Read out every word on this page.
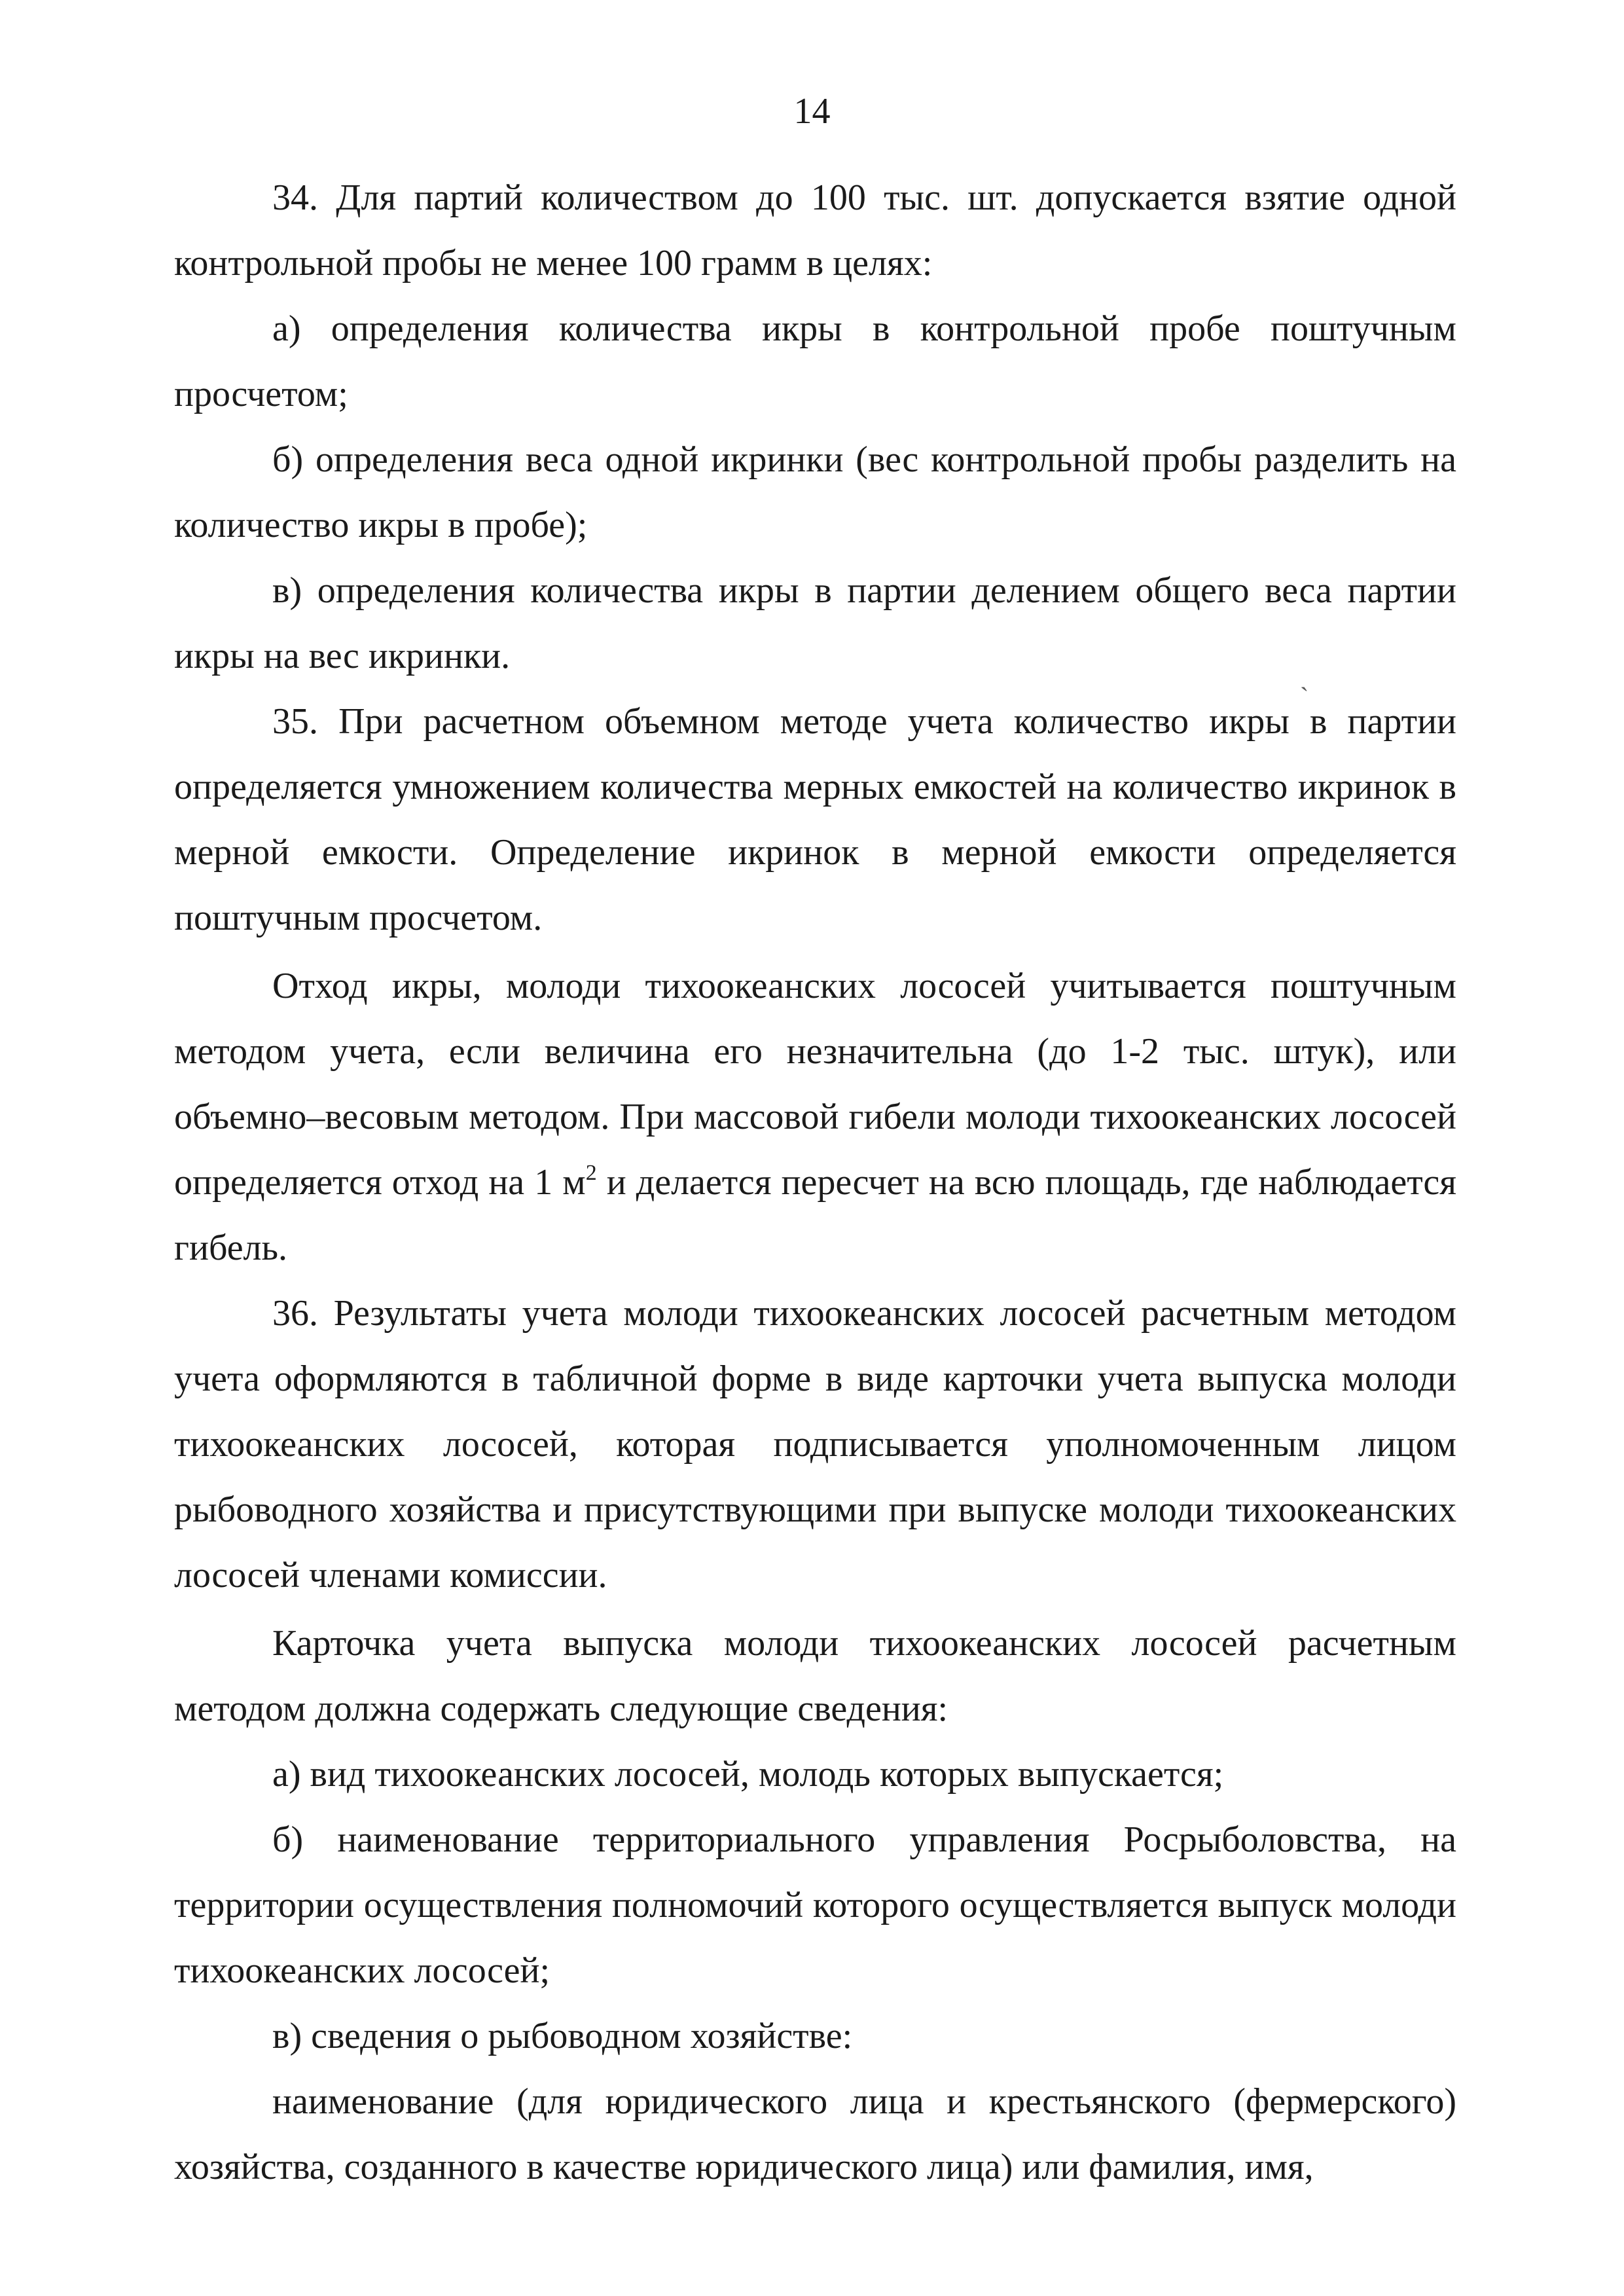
14

34. Для партий количеством до 100 тыс. шт. допускается взятие одной контрольной пробы не менее 100 грамм в целях:

а) определения количества икры в контрольной пробе поштучным просчетом;

б) определения веса одной икринки (вес контрольной пробы разделить на количество икры в пробе);

в) определения количества икры в партии делением общего веса партии икры на вес икринки.

35. При расчетном объемном методе учета количество икры в партии определяется умножением количества мерных емкостей на количество икринок в мерной емкости. Определение икринок в мерной емкости определяется поштучным просчетом.

Отход икры, молоди тихоокеанских лососей учитывается поштучным методом учета, если величина его незначительна (до 1-2 тыс. штук), или объемно–весовым методом. При массовой гибели молоди тихоокеанских лососей определяется отход на 1 $м^2$ и делается пересчет на всю площадь, где наблюдается гибель.

36. Результаты учета молоди тихоокеанских лососей расчетным методом учета оформляются в табличной форме в виде карточки учета выпуска молоди тихоокеанских лососей, которая подписывается уполномоченным лицом рыбоводного хозяйства и присутствующими при выпуске молоди тихоокеанских лососей членами комиссии.

Карточка учета выпуска молоди тихоокеанских лососей расчетным методом должна содержать следующие сведения:

а) вид тихоокеанских лососей, молодь которых выпускается;

б) наименование территориального управления Росрыболовства, на территории осуществления полномочий которого осуществляется выпуск молоди тихоокеанских лососей;

в) сведения о рыбоводном хозяйстве:

наименование (для юридического лица и крестьянского (фермерского) хозяйства, созданного в качестве юридического лица) или фамилия, имя,

ˎ
